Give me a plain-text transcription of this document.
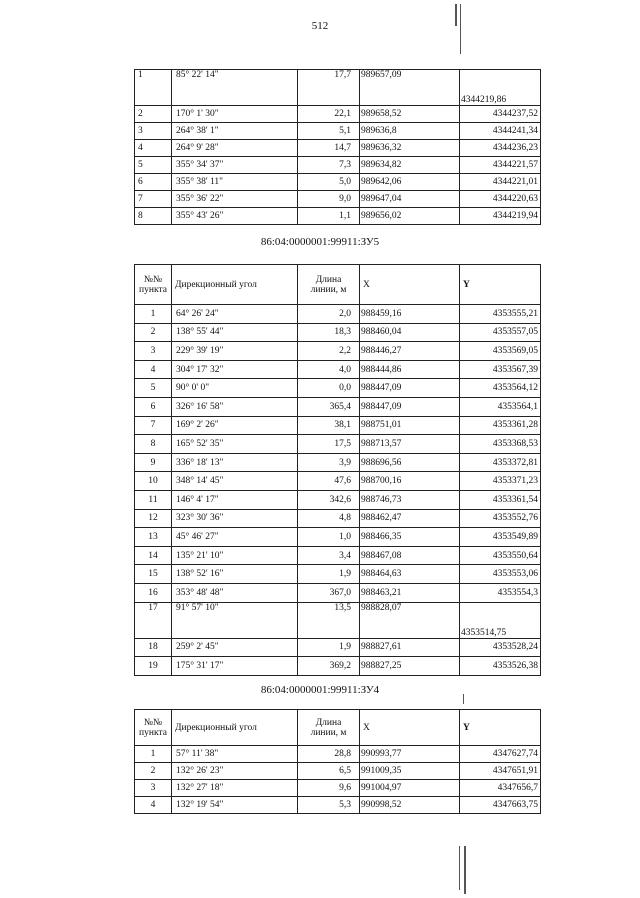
512
1	85° 22' 14"	17,7	989657,09	4344219,86
2	170° 1' 30"	22,1	989658,52	4344237,52
3	264° 38' 1"	5,1	989636,8	4344241,34
4	264° 9' 28"	14,7	989636,32	4344236,23
5	355° 34' 37"	7,3	989634,82	4344221,57
6	355° 38' 11"	5,0	989642,06	4344221,01
7	355° 36' 22"	9,0	989647,04	4344220,63
8	355° 43' 26"	1,1	989656,02	4344219,94
86:04:0000001:99911:ЗУ5
№№ пункта	Дирекционный угол	Длина линии, м	X	Y
1	64° 26' 24"	2,0	988459,16	4353555,21
2	138° 55' 44"	18,3	988460,04	4353557,05
3	229° 39' 19"	2,2	988446,27	4353569,05
4	304° 17' 32"	4,0	988444,86	4353567,39
5	90° 0' 0"	0,0	988447,09	4353564,12
6	326° 16' 58"	365,4	988447,09	4353564,1
7	169° 2' 26"	38,1	988751,01	4353361,28
8	165° 52' 35"	17,5	988713,57	4353368,53
9	336° 18' 13"	3,9	988696,56	4353372,81
10	348° 14' 45"	47,6	988700,16	4353371,23
11	146° 4' 17"	342,6	988746,73	4353361,54
12	323° 30' 36"	4,8	988462,47	4353552,76
13	45° 46' 27"	1,0	988466,35	4353549,89
14	135° 21' 10"	3,4	988467,08	4353550,64
15	138° 52' 16"	1,9	988464,63	4353553,06
16	353° 48' 48"	367,0	988463,21	4353554,3
17	91° 57' 10"	13,5	988828,07	4353514,75
18	259° 2' 45"	1,9	988827,61	4353528,24
19	175° 31' 17"	369,2	988827,25	4353526,38
86:04:0000001:99911:ЗУ4
№№ пункта	Дирекционный угол	Длина линии, м	X	Y
1	57° 11' 38"	28,8	990993,77	4347627,74
2	132° 26' 23"	6,5	991009,35	4347651,91
3	132° 27' 18"	9,6	991004,97	4347656,7
4	132° 19' 54"	5,3	990998,52	4347663,75
